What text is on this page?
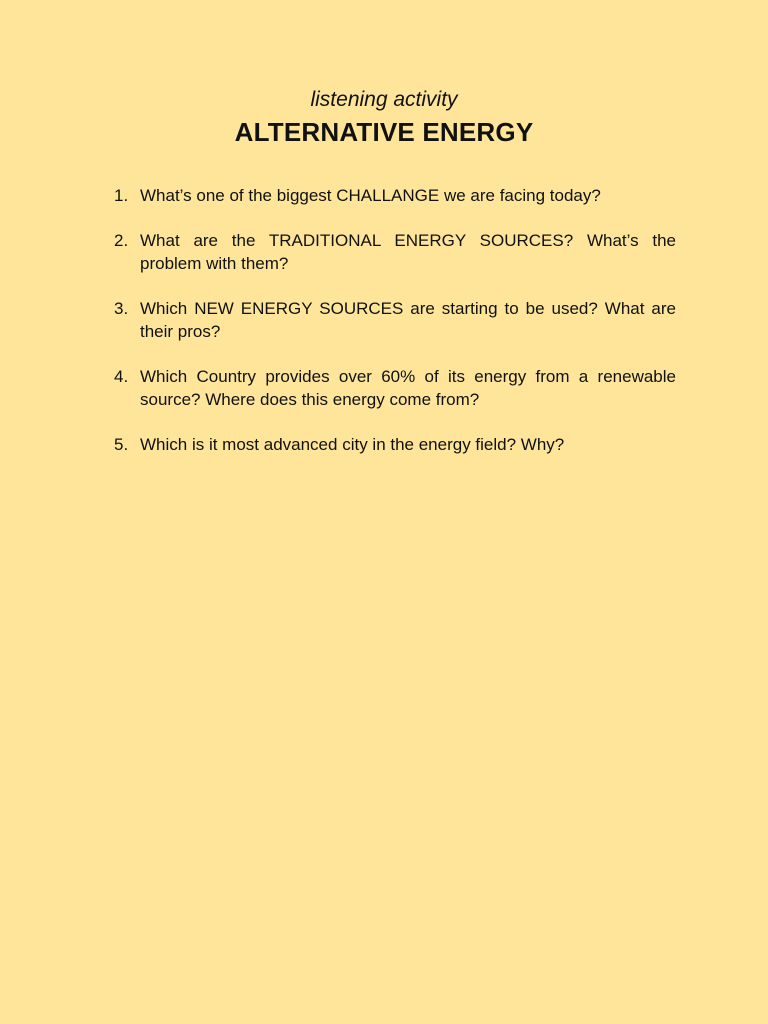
listening activity
ALTERNATIVE ENERGY
1. What’s one of the biggest CHALLANGE we are facing today?
2. What are the TRADITIONAL ENERGY SOURCES? What’s the problem with them?
3. Which NEW ENERGY SOURCES are starting to be used? What are their pros?
4. Which Country provides over 60% of its energy from a renewable source? Where does this energy come from?
5. Which is it most advanced city in the energy field? Why?
